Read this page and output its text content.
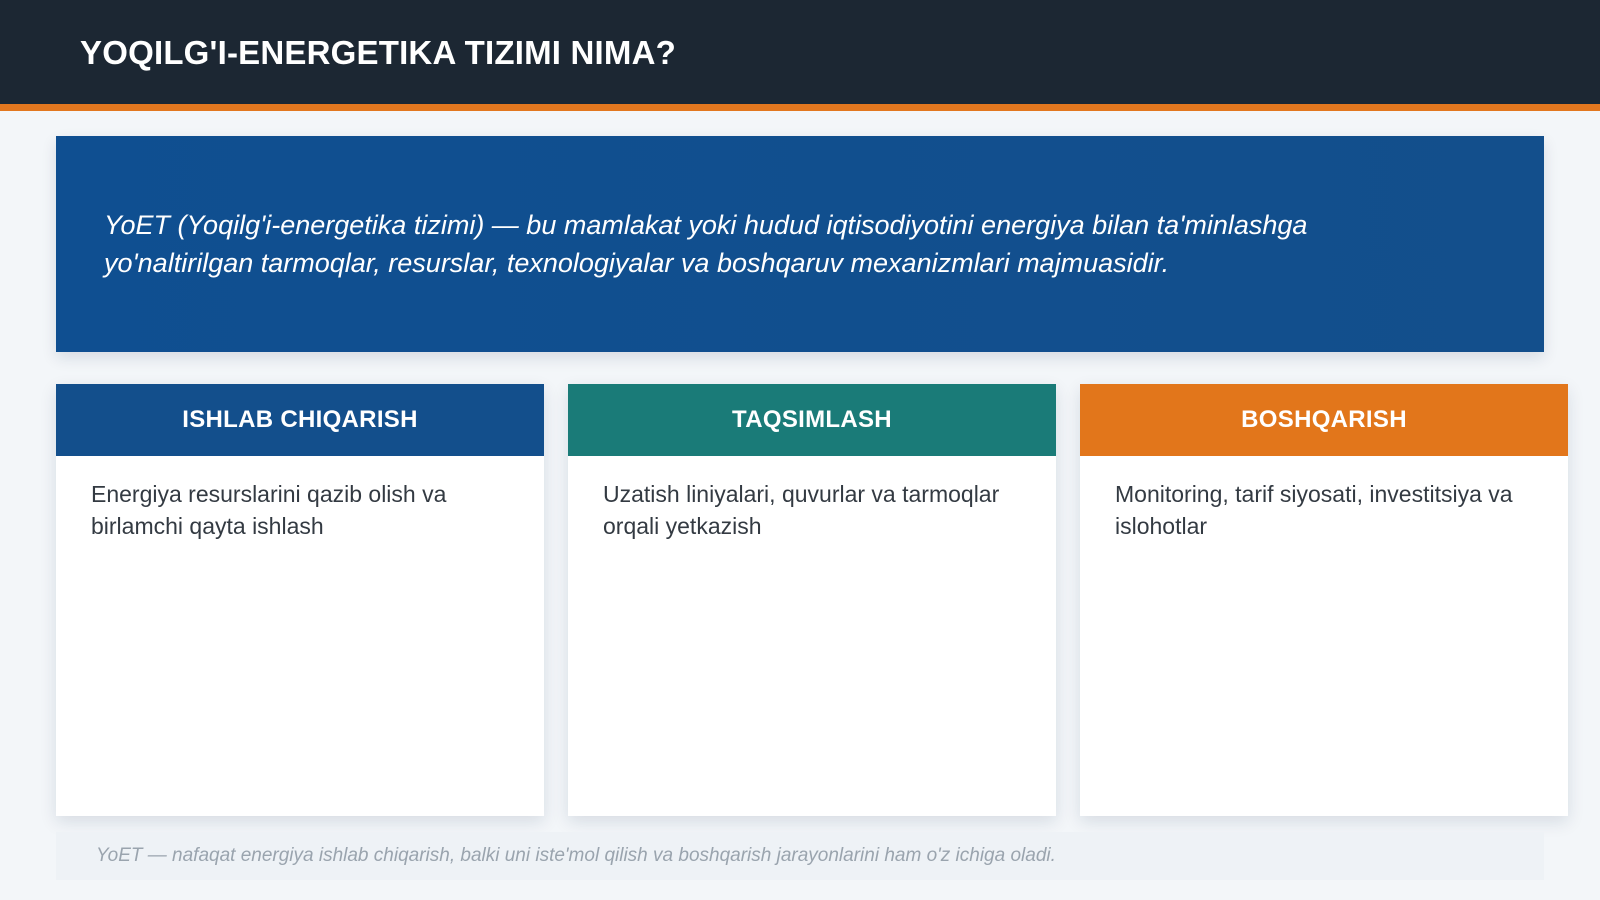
YOQILG'I-ENERGETIKA TIZIMI NIMA?

YoET (Yoqilg'i-energetika tizimi) — bu mamlakat yoki hudud iqtisodiyotini energiya bilan ta'minlashga yo'naltirilgan tarmoqlar, resurslar, texnologiyalar va boshqaruv mexanizmlari majmuasidir.

ISHLAB CHIQARISH
Energiya resurslarini qazib olish va birlamchi qayta ishlash
TAQSIMLASH
Uzatish liniyalari, quvurlar va tarmoqlar orqali yetkazish
BOSHQARISH
Monitoring, tarif siyosati, investitsiya va islohotlar
YoET — nafaqat energiya ishlab chiqarish, balki uni iste'mol qilish va boshqarish jarayonlarini ham o'z ichiga oladi.
